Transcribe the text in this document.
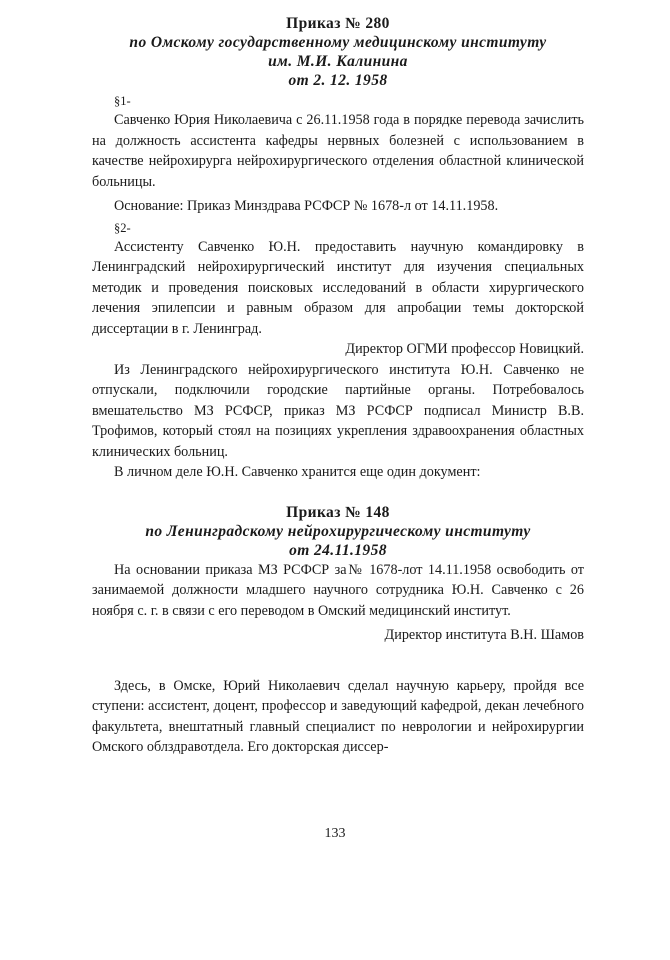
Приказ № 280
по Омскому государственному медицинскому институту
им. М.И. Калинина
от 2. 12. 1958
§1-

Савченко Юрия Николаевича с 26.11.1958 года в порядке перевода зачислить на должность ассистента кафедры нервных болезней с использованием в качестве нейрохирурга нейрохирургического отделения областной клинической больницы.

Основание: Приказ Минздрава РСФСР № 1678-л от 14.11.1958.

§2-

Ассистенту Савченко Ю.Н. предоставить научную командировку в Ленинградский нейрохирургический институт для изучения специальных методик и проведения поисковых исследований в области хирургического лечения эпилепсии и равным образом для апробации темы докторской диссертации в г. Ленинград.

Директор ОГМИ профессор Новицкий.

Из Ленинградского нейрохирургического института Ю.Н. Савченко не отпускали, подключили городские партийные органы. Потребовалось вмешательство МЗ РСФСР, приказ МЗ РСФСР подписал Министр В.В. Трофимов, который стоял на позициях укрепления здравоохранения областных клинических больниц.

В личном деле Ю.Н. Савченко хранится еще один документ:

Приказ № 148
по Ленинградскому нейрохирургическому институту
от 24.11.1958

На основании приказа МЗ РСФСР за№ 1678-лот 14.11.1958 освободить от занимаемой должности младшего научного сотрудника Ю.Н. Савченко с 26 ноября с. г. в связи с его переводом в Омский медицинский институт.

Директор института В.Н. Шамов

Здесь, в Омске, Юрий Николаевич сделал научную карьеру, пройдя все ступени: ассистент, доцент, профессор и заведующий кафедрой, декан лечебного факультета, внештатный главный специалист по неврологии и нейрохирургии Омского облздравотдела. Его докторская диссер-

133
